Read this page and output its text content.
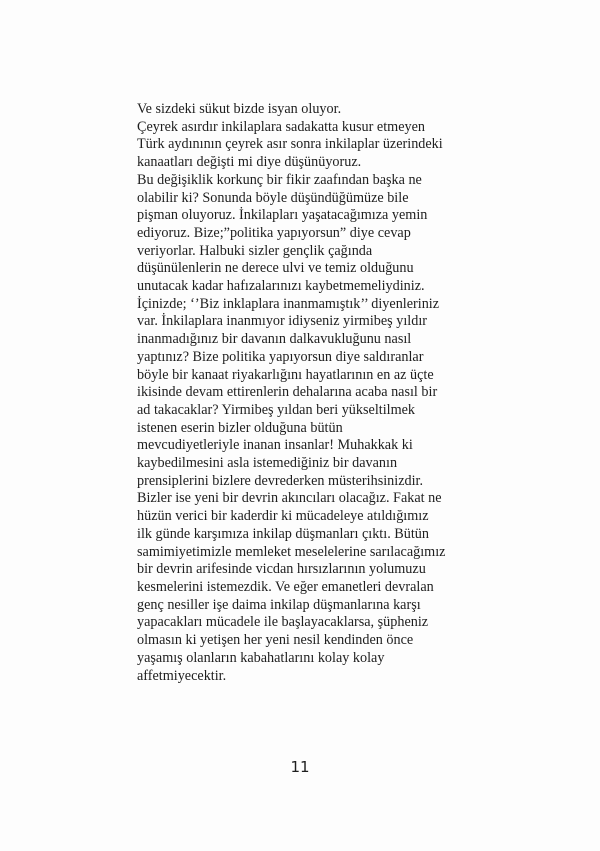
Ve sizdeki sükut bizde isyan oluyor.
Çeyrek asırdır inkilaplara sadakatta kusur etmeyen
Türk aydınının çeyrek asır sonra inkilaplar üzerindeki
kanaatları değişti mi diye düşünüyoruz.
Bu değişiklik korkunç bir fikir zaafından başka ne
olabilir ki? Sonunda böyle düşündüğümüze bile
pişman oluyoruz. İnkilapları yaşatacağımıza yemin
ediyoruz. Bize;”politika yapıyorsun” diye cevap
veriyorlar. Halbuki sizler gençlik çağında
düşünülenlerin ne derece ulvi ve temiz olduğunu
unutacak kadar hafızalarınızı kaybetmemeliydiniz.
İçinizde; ‘’Biz inklaplara inanmamıştık’’ diyenleriniz
var. İnkilaplara inanmıyor idiyseniz yirmibeş yıldır
inanmadığınız bir davanın dalkavukluğunu nasıl
yaptınız? Bize politika yapıyorsun diye saldıranlar
böyle bir kanaat riyakarlığını hayatlarının en az üçte
ikisinde devam ettirenlerin dehalarına acaba nasıl bir
ad takacaklar? Yirmibeş yıldan beri yükseltilmek
istenen eserin bizler olduğuna bütün
mevcudiyetleriyle inanan insanlar! Muhakkak ki
kaybedilmesini asla istemediğiniz bir davanın
prensiplerini bizlere devrederken müsterihsinizdir.
Bizler ise yeni bir devrin akıncıları olacağız. Fakat ne
hüzün verici bir kaderdir ki mücadeleye atıldığımız
ilk günde karşımıza inkilap düşmanları çıktı. Bütün
samimiyetimizle memleket meselelerine sarılacağımız
bir devrin arifesinde vicdan hırsızlarının yolumuzu
kesmelerini istemezdik. Ve eğer emanetleri devralan
genç nesiller işe daima inkilap düşmanlarına karşı
yapacakları mücadele ile başlayacaklarsa, şüpheniz
olmasın ki yetişen her yeni nesil kendinden önce
yaşamış olanların kabahatlarını kolay kolay
affetmiyecektir.
11
